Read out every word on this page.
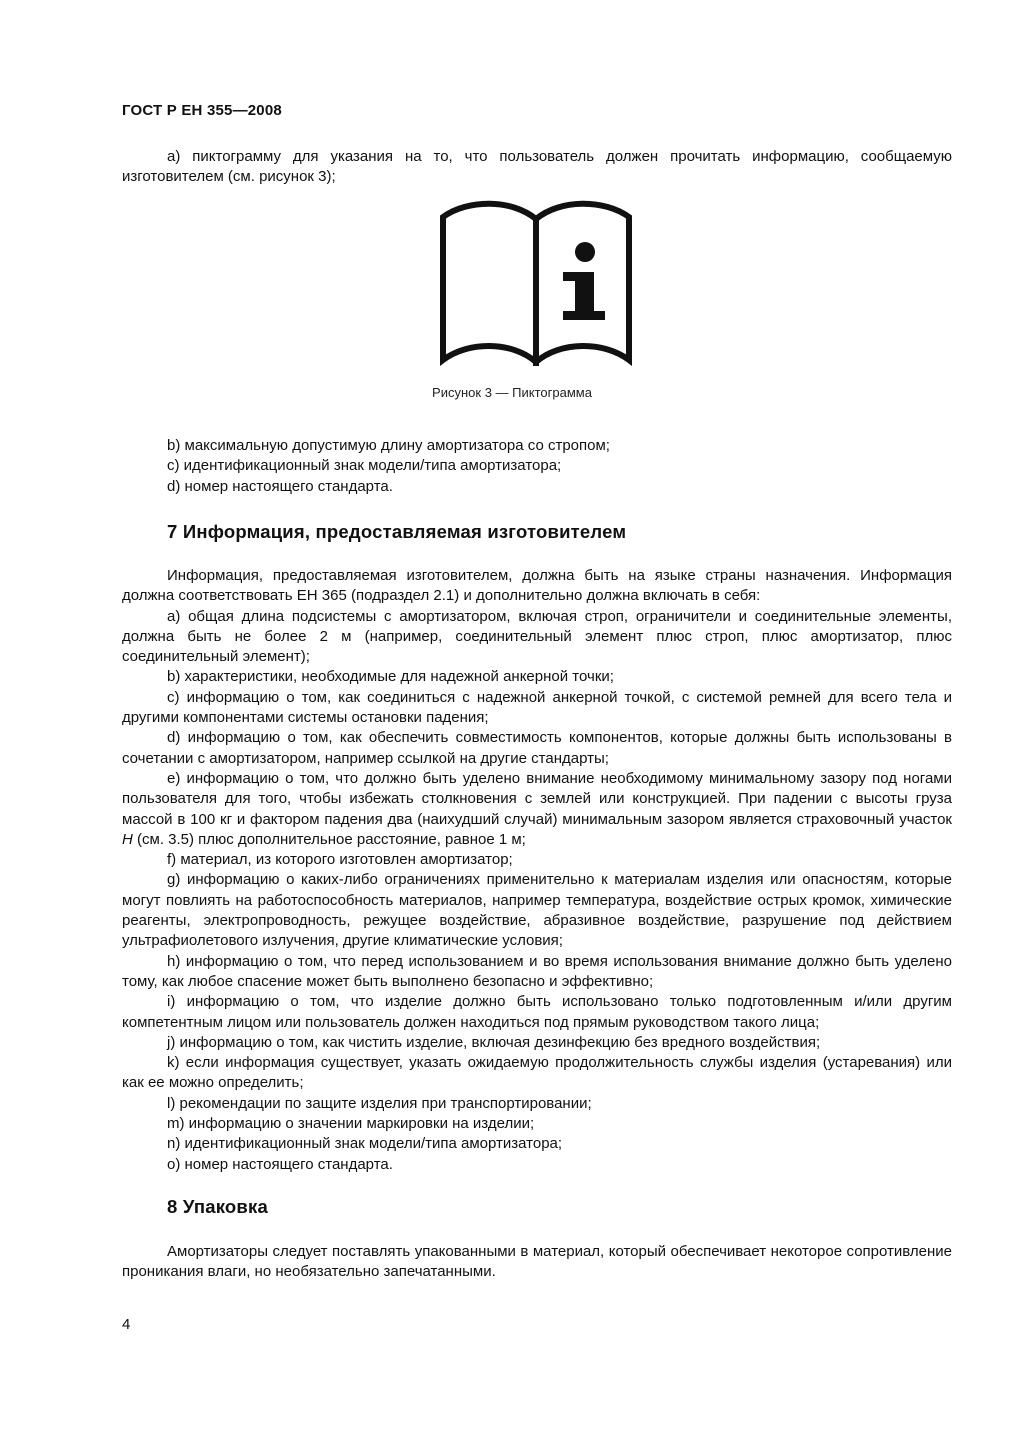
ГОСТ Р ЕН 355—2008

a) пиктограмму для указания на то, что пользователь должен прочитать информацию, сообщаемую изготовителем (см. рисунок 3);

Рисунок 3 — Пиктограмма

b) максимальную допустимую длину амортизатора со стропом;

c) идентификационный знак модели/типа амортизатора;

d) номер настоящего стандарта.

7 Информация, предоставляемая изготовителем

Информация, предоставляемая изготовителем, должна быть на языке страны назначения. Информация должна соответствовать ЕН 365 (подраздел 2.1) и дополнительно должна включать в себя:

a) общая длина подсистемы с амортизатором, включая строп, ограничители и соединительные элементы, должна быть не более 2 м (например, соединительный элемент плюс строп, плюс амортизатор, плюс соединительный элемент);

b) характеристики, необходимые для надежной анкерной точки;

c) информацию о том, как соединиться с надежной анкерной точкой, с системой ремней для всего тела и другими компонентами системы остановки падения;

d) информацию о том, как обеспечить совместимость компонентов, которые должны быть использованы в сочетании с амортизатором, например ссылкой на другие стандарты;

e) информацию о том, что должно быть уделено внимание необходимому минимальному зазору под ногами пользователя для того, чтобы избежать столкновения с землей или конструкцией. При падении с высоты груза массой в 100 кг и фактором падения два (наихудший случай) минимальным зазором является страховочный участок H (см. 3.5) плюс дополнительное расстояние, равное 1 м;

f) материал, из которого изготовлен амортизатор;

g) информацию о каких-либо ограничениях применительно к материалам изделия или опасностям, которые могут повлиять на работоспособность материалов, например температура, воздействие острых кромок, химические реагенты, электропроводность, режущее воздействие, абразивное воздействие, разрушение под действием ультрафиолетового излучения, другие климатические условия;

h) информацию о том, что перед использованием и во время использования внимание должно быть уделено тому, как любое спасение может быть выполнено безопасно и эффективно;

i) информацию о том, что изделие должно быть использовано только подготовленным и/или другим компетентным лицом или пользователь должен находиться под прямым руководством такого лица;

j) информацию о том, как чистить изделие, включая дезинфекцию без вредного воздействия;

k) если информация существует, указать ожидаемую продолжительность службы изделия (устаревания) или как ее можно определить;

l) рекомендации по защите изделия при транспортировании;

m) информацию о значении маркировки на изделии;

n) идентификационный знак модели/типа амортизатора;

o) номер настоящего стандарта.

8 Упаковка

Амортизаторы следует поставлять упакованными в материал, который обеспечивает некоторое сопротивление проникания влаги, но необязательно запечатанными.

4
